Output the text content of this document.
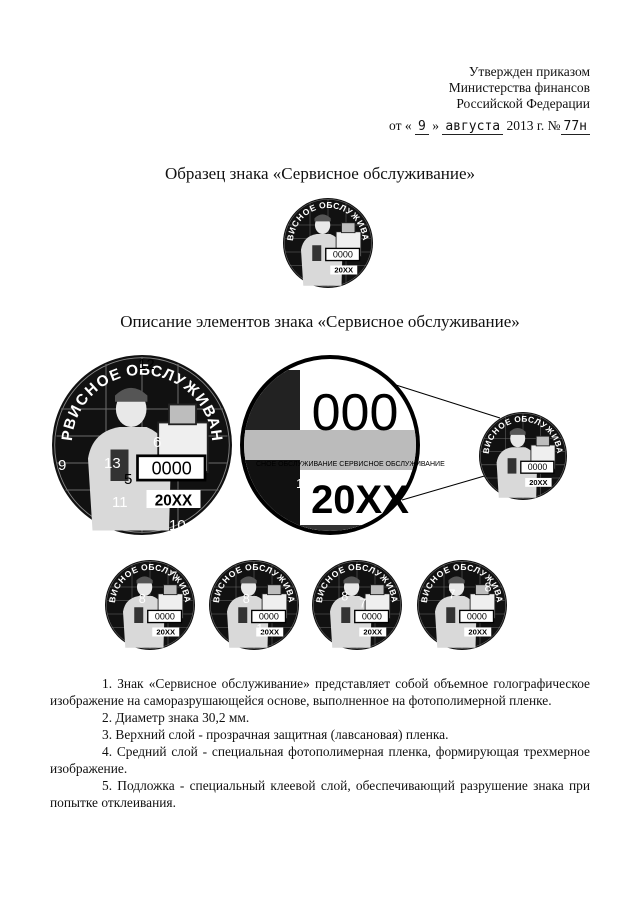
Утвержден приказом
Министерства финансов
Российской Федерации
от « 9 » августа 2013 г. № 77н
Образец знака «Сервисное обслуживание»
Описание элементов знака «Сервисное обслуживание»
12
9	13
6
5
11
10
000
СНОЕ ОБСЛУЖИВАНИЕ СЕРВИСНОЕ ОБСЛУЖИВАНИЕ
20ХХ
11

1. Знак «Сервисное обслуживание» представляет собой объемное голографическое изображение на саморазрушающейся основе, выполненное на фотополимерной пленке.

2. Диаметр знака 30,2 мм.

3. Верхний слой - прозрачная защитная (лавсановая) пленка.

4. Средний слой - специальная фотополимерная пленка, формирующая трехмерное изображение.

5. Подложка - специальный клеевой слой, обеспечивающий разрушение знака при попытке отклеивания.
